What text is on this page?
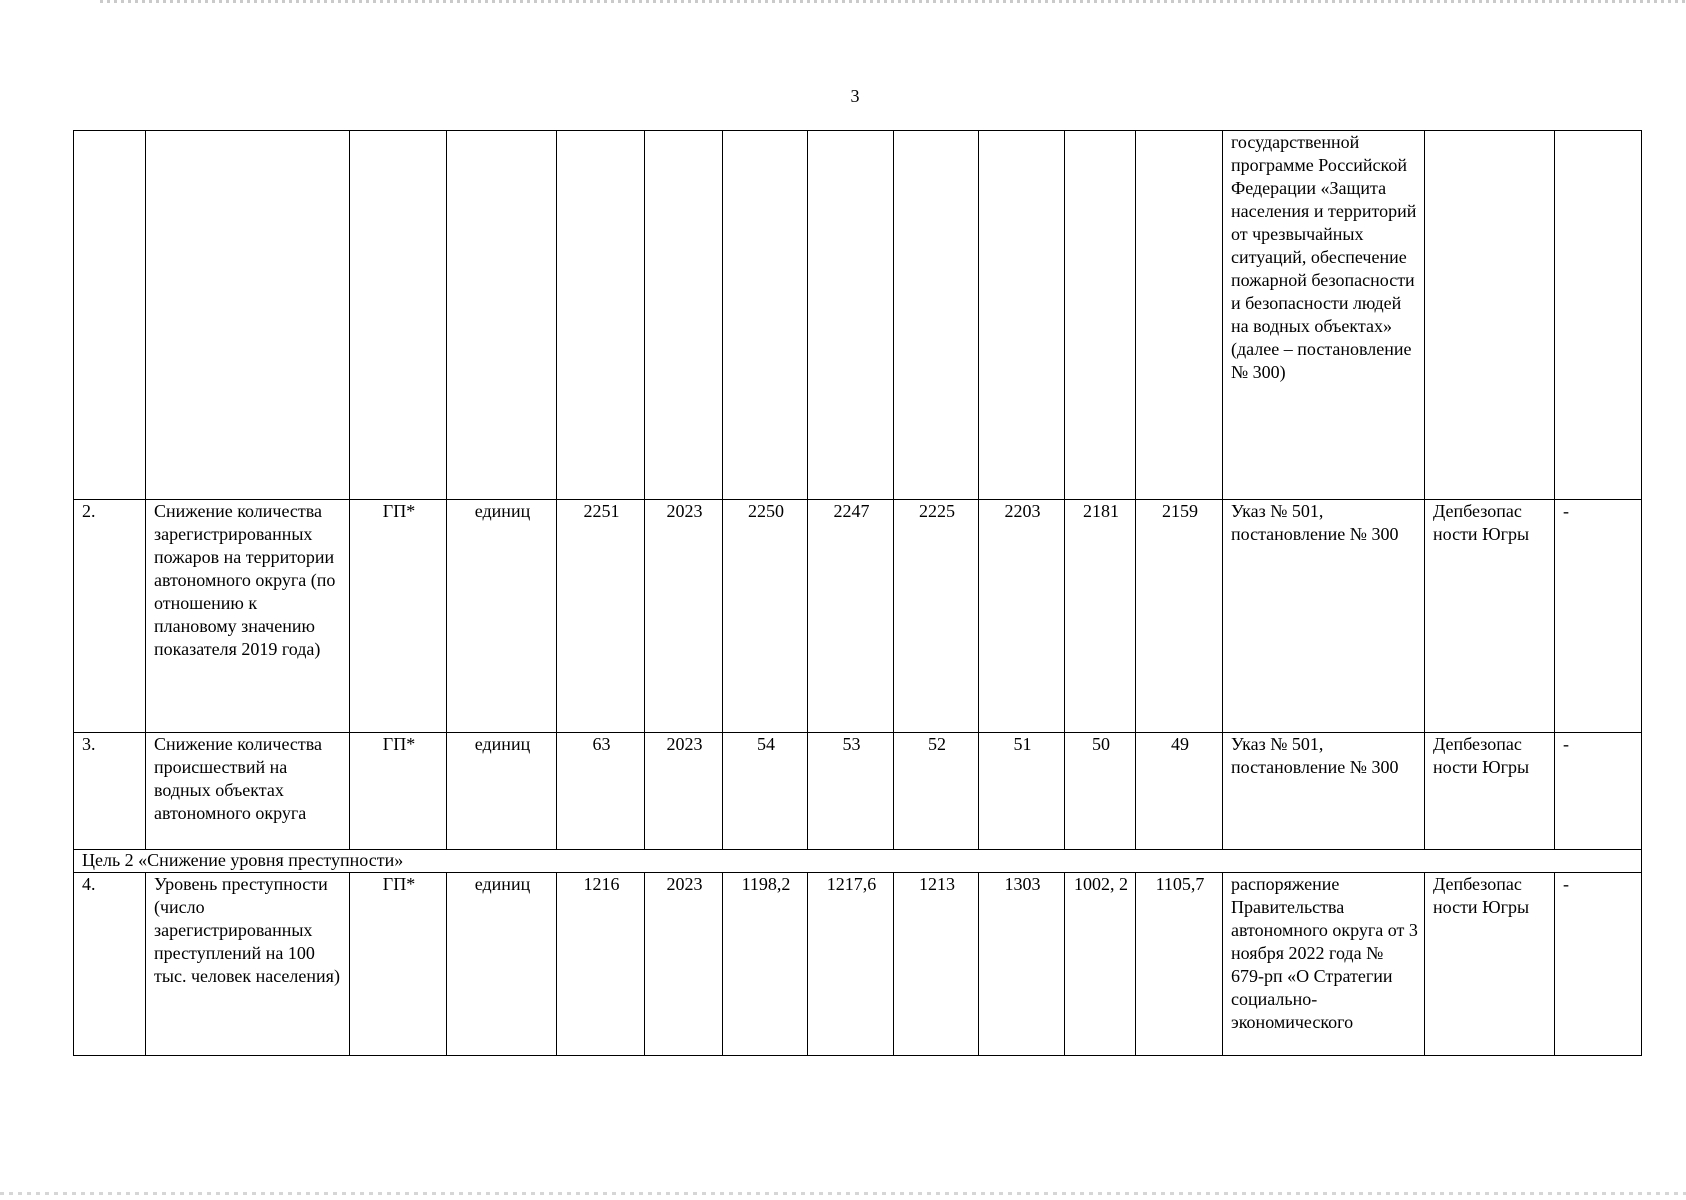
3
												государственной программе Российской Федерации «Защита населения и территорий от чрезвычайных ситуаций, обеспечение пожарной безопасности и безопасности людей на водных объектах» (далее – постановление № 300)		
2.	Снижение количества зарегистрированных пожаров на территории автономного округа (по отношению к плановому значению показателя 2019 года)	ГП*	единиц	2251	2023	2250	2247	2225	2203	2181	2159	Указ № 501, постановление № 300	Депбезопас ности Югры	-
3.	Снижение количества происшествий на водных объектах автономного округа	ГП*	единиц	63	2023	54	53	52	51	50	49	Указ № 501, постановление № 300	Депбезопас ности Югры	-
Цель 2 «Снижение уровня преступности»														
4.	Уровень преступности (число зарегистрированных преступлений на 100 тыс. человек населения)	ГП*	единиц	1216	2023	1198,2	1217,6	1213	1303	1002, 2	1105,7	распоряжение Правительства автономного округа от 3 ноября 2022 года № 679-рп «О Стратегии социально-экономического	Депбезопас ности Югры	-
